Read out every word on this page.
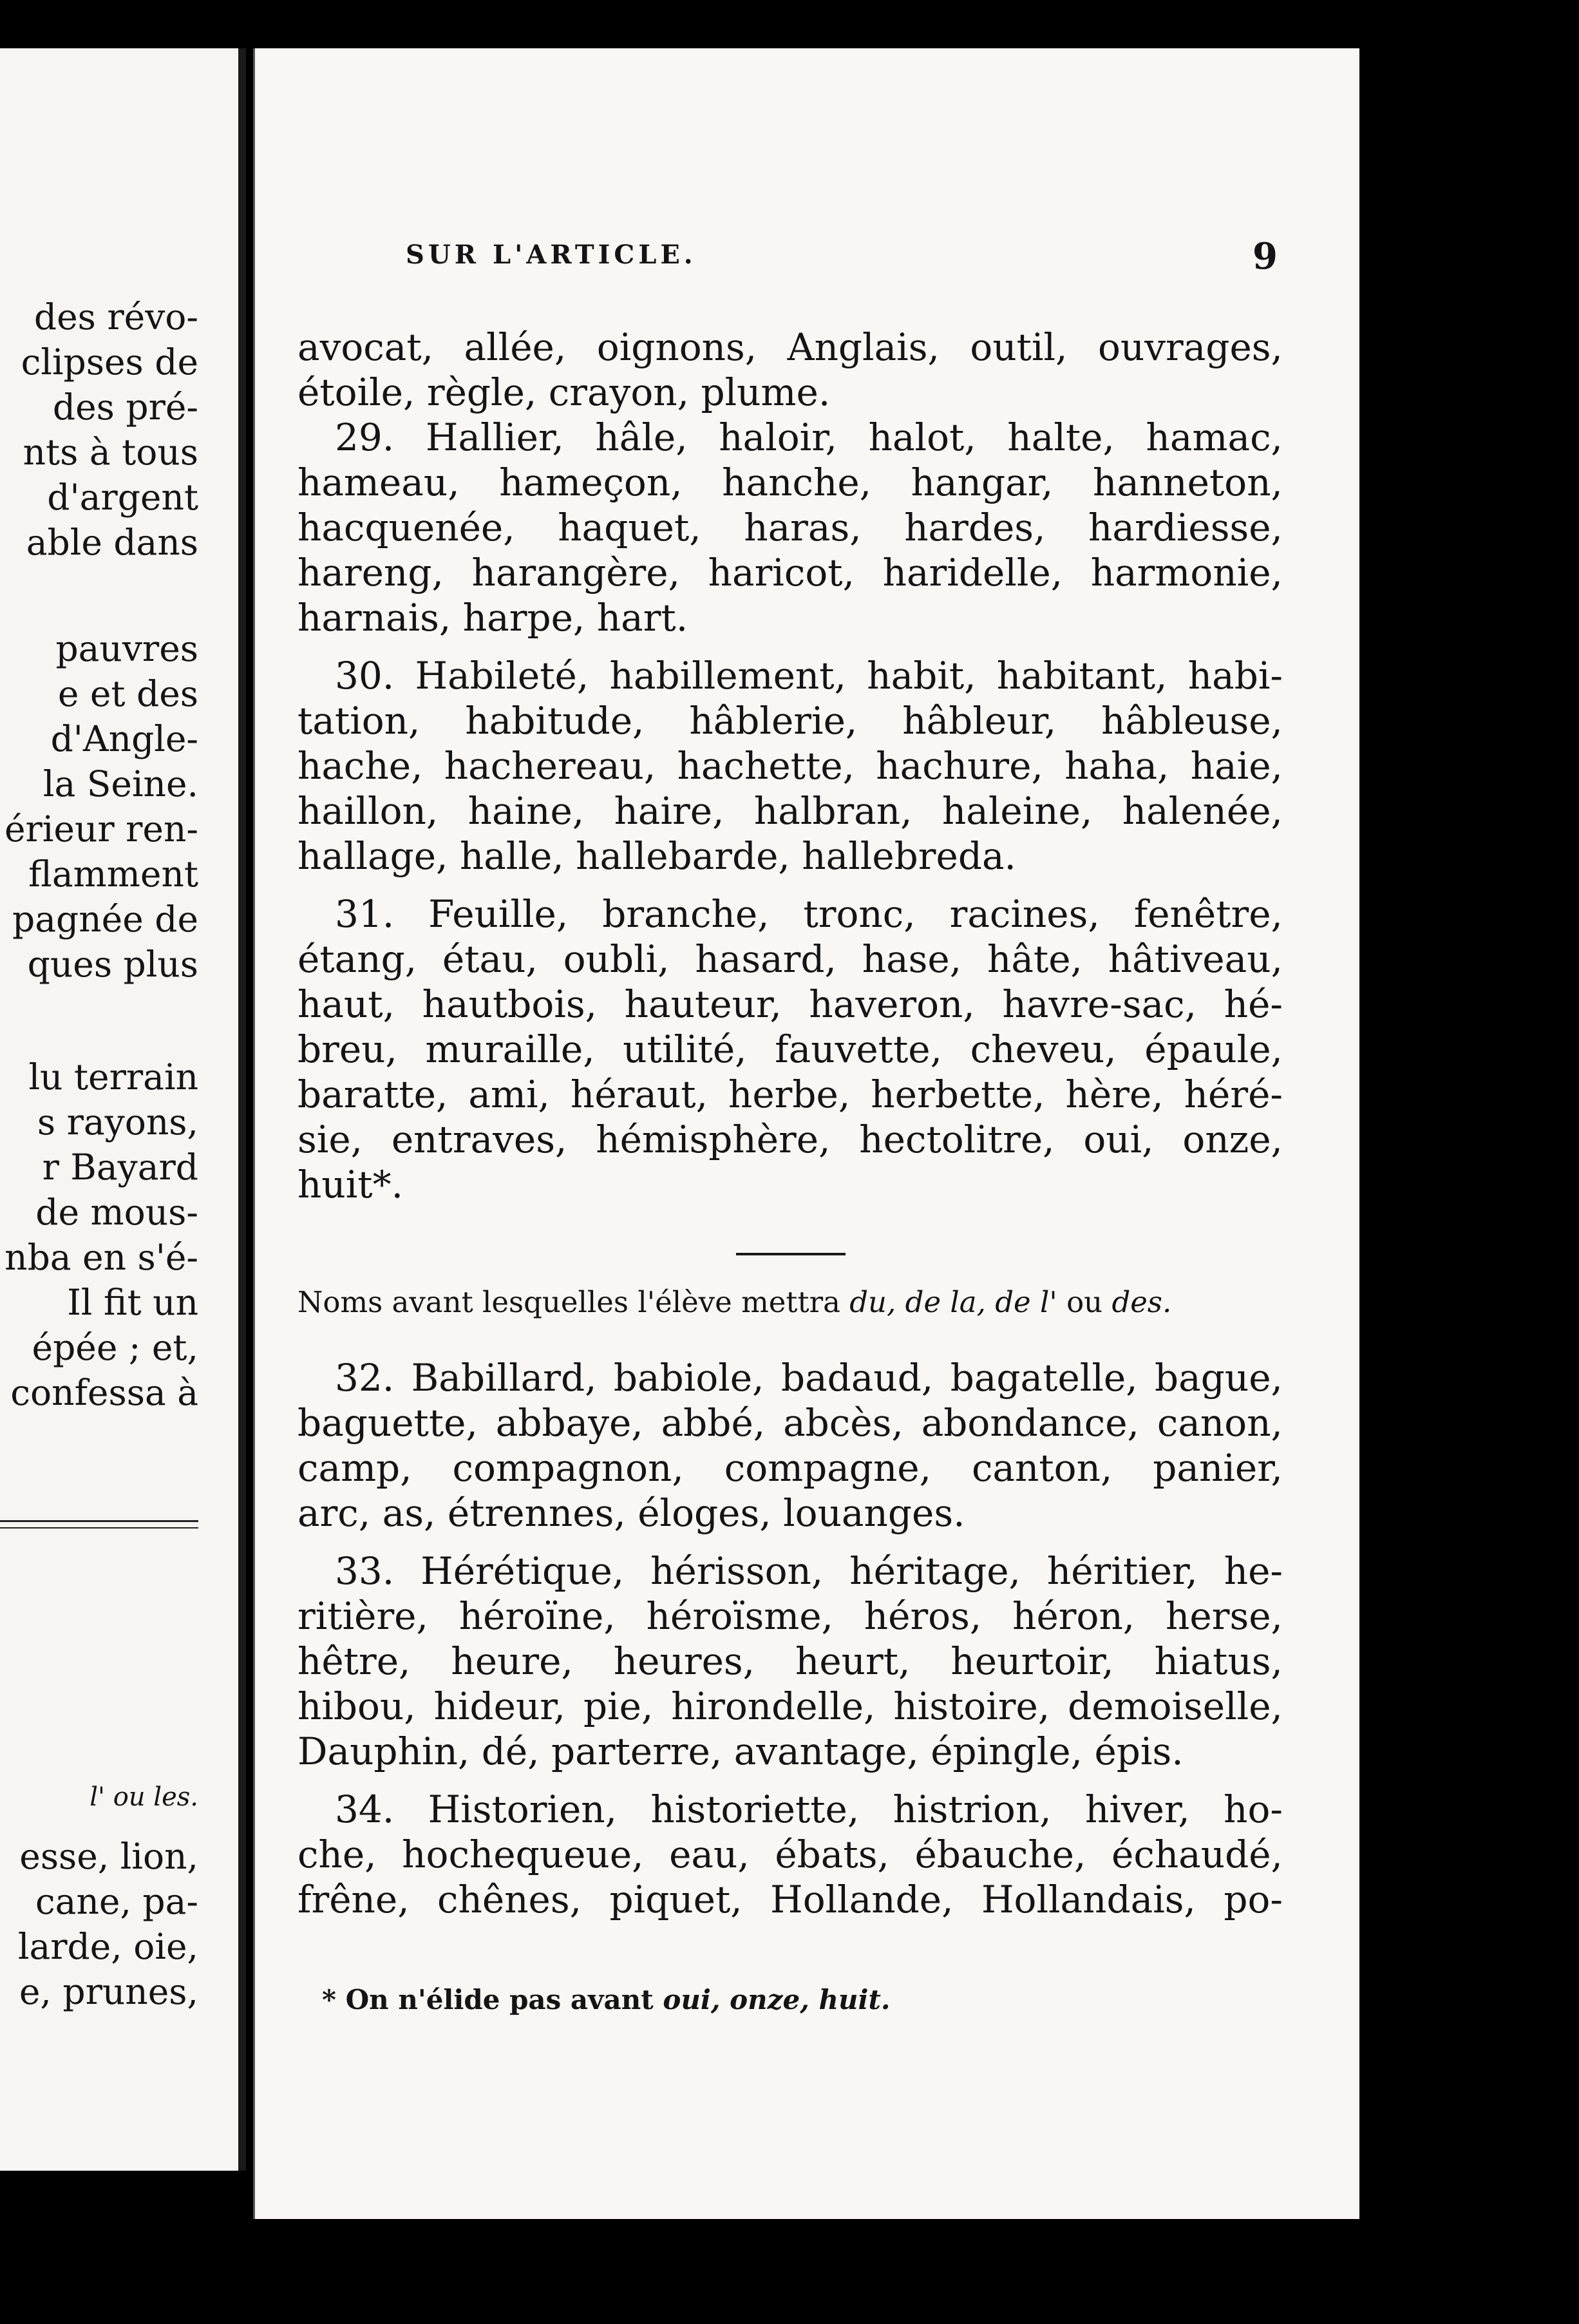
des révo-

clipses de

des pré-

nts à tous

d'argent

able dans

pauvres

e et des

d'Angle-

la Seine.

érieur ren-

flamment

pagnée de

ques plus

lu terrain

s rayons,

r Bayard

de mous-

nba en s'é-

Il fit un

épée ; et,

confessa à

l' ou les.

esse, lion,

cane, pa-

larde, oie,

e, prunes,

SUR L'ARTICLE.	9

avocat, allée, oignons, Anglais, outil, ouvrages,

étoile, règle, crayon, plume.

29. Hallier, hâle, haloir, halot, halte, hamac,

hameau, hameçon, hanche, hangar, hanneton,

hacquenée, haquet, haras, hardes, hardiesse,

hareng, harangère, haricot, haridelle, harmonie,

harnais, harpe, hart.

30. Habileté, habillement, habit, habitant, habi-

tation, habitude, hâblerie, hâbleur, hâbleuse,

hache, hachereau, hachette, hachure, haha, haie,

haillon, haine, haire, halbran, haleine, halenée,

hallage, halle, hallebarde, hallebreda.

31. Feuille, branche, tronc, racines, fenêtre,

étang, étau, oubli, hasard, hase, hâte, hâtiveau,

haut, hautbois, hauteur, haveron, havre-sac, hé-

breu, muraille, utilité, fauvette, cheveu, épaule,

baratte, ami, héraut, herbe, herbette, hère, héré-

sie, entraves, hémisphère, hectolitre, oui, onze,

huit*.

Noms avant lesquelles l'élève mettra du, de la, de l' ou des.

32. Babillard, babiole, badaud, bagatelle, bague,

baguette, abbaye, abbé, abcès, abondance, canon,

camp, compagnon, compagne, canton, panier,

arc, as, étrennes, éloges, louanges.

33. Hérétique, hérisson, héritage, héritier, he-

ritière, héroïne, héroïsme, héros, héron, herse,

hêtre, heure, heures, heurt, heurtoir, hiatus,

hibou, hideur, pie, hirondelle, histoire, demoiselle,

Dauphin, dé, parterre, avantage, épingle, épis.

34. Historien, historiette, histrion, hiver, ho-

che, hochequeue, eau, ébats, ébauche, échaudé,

frêne, chênes, piquet, Hollande, Hollandais, po-

* On n'élide pas avant oui, onze, huit.
